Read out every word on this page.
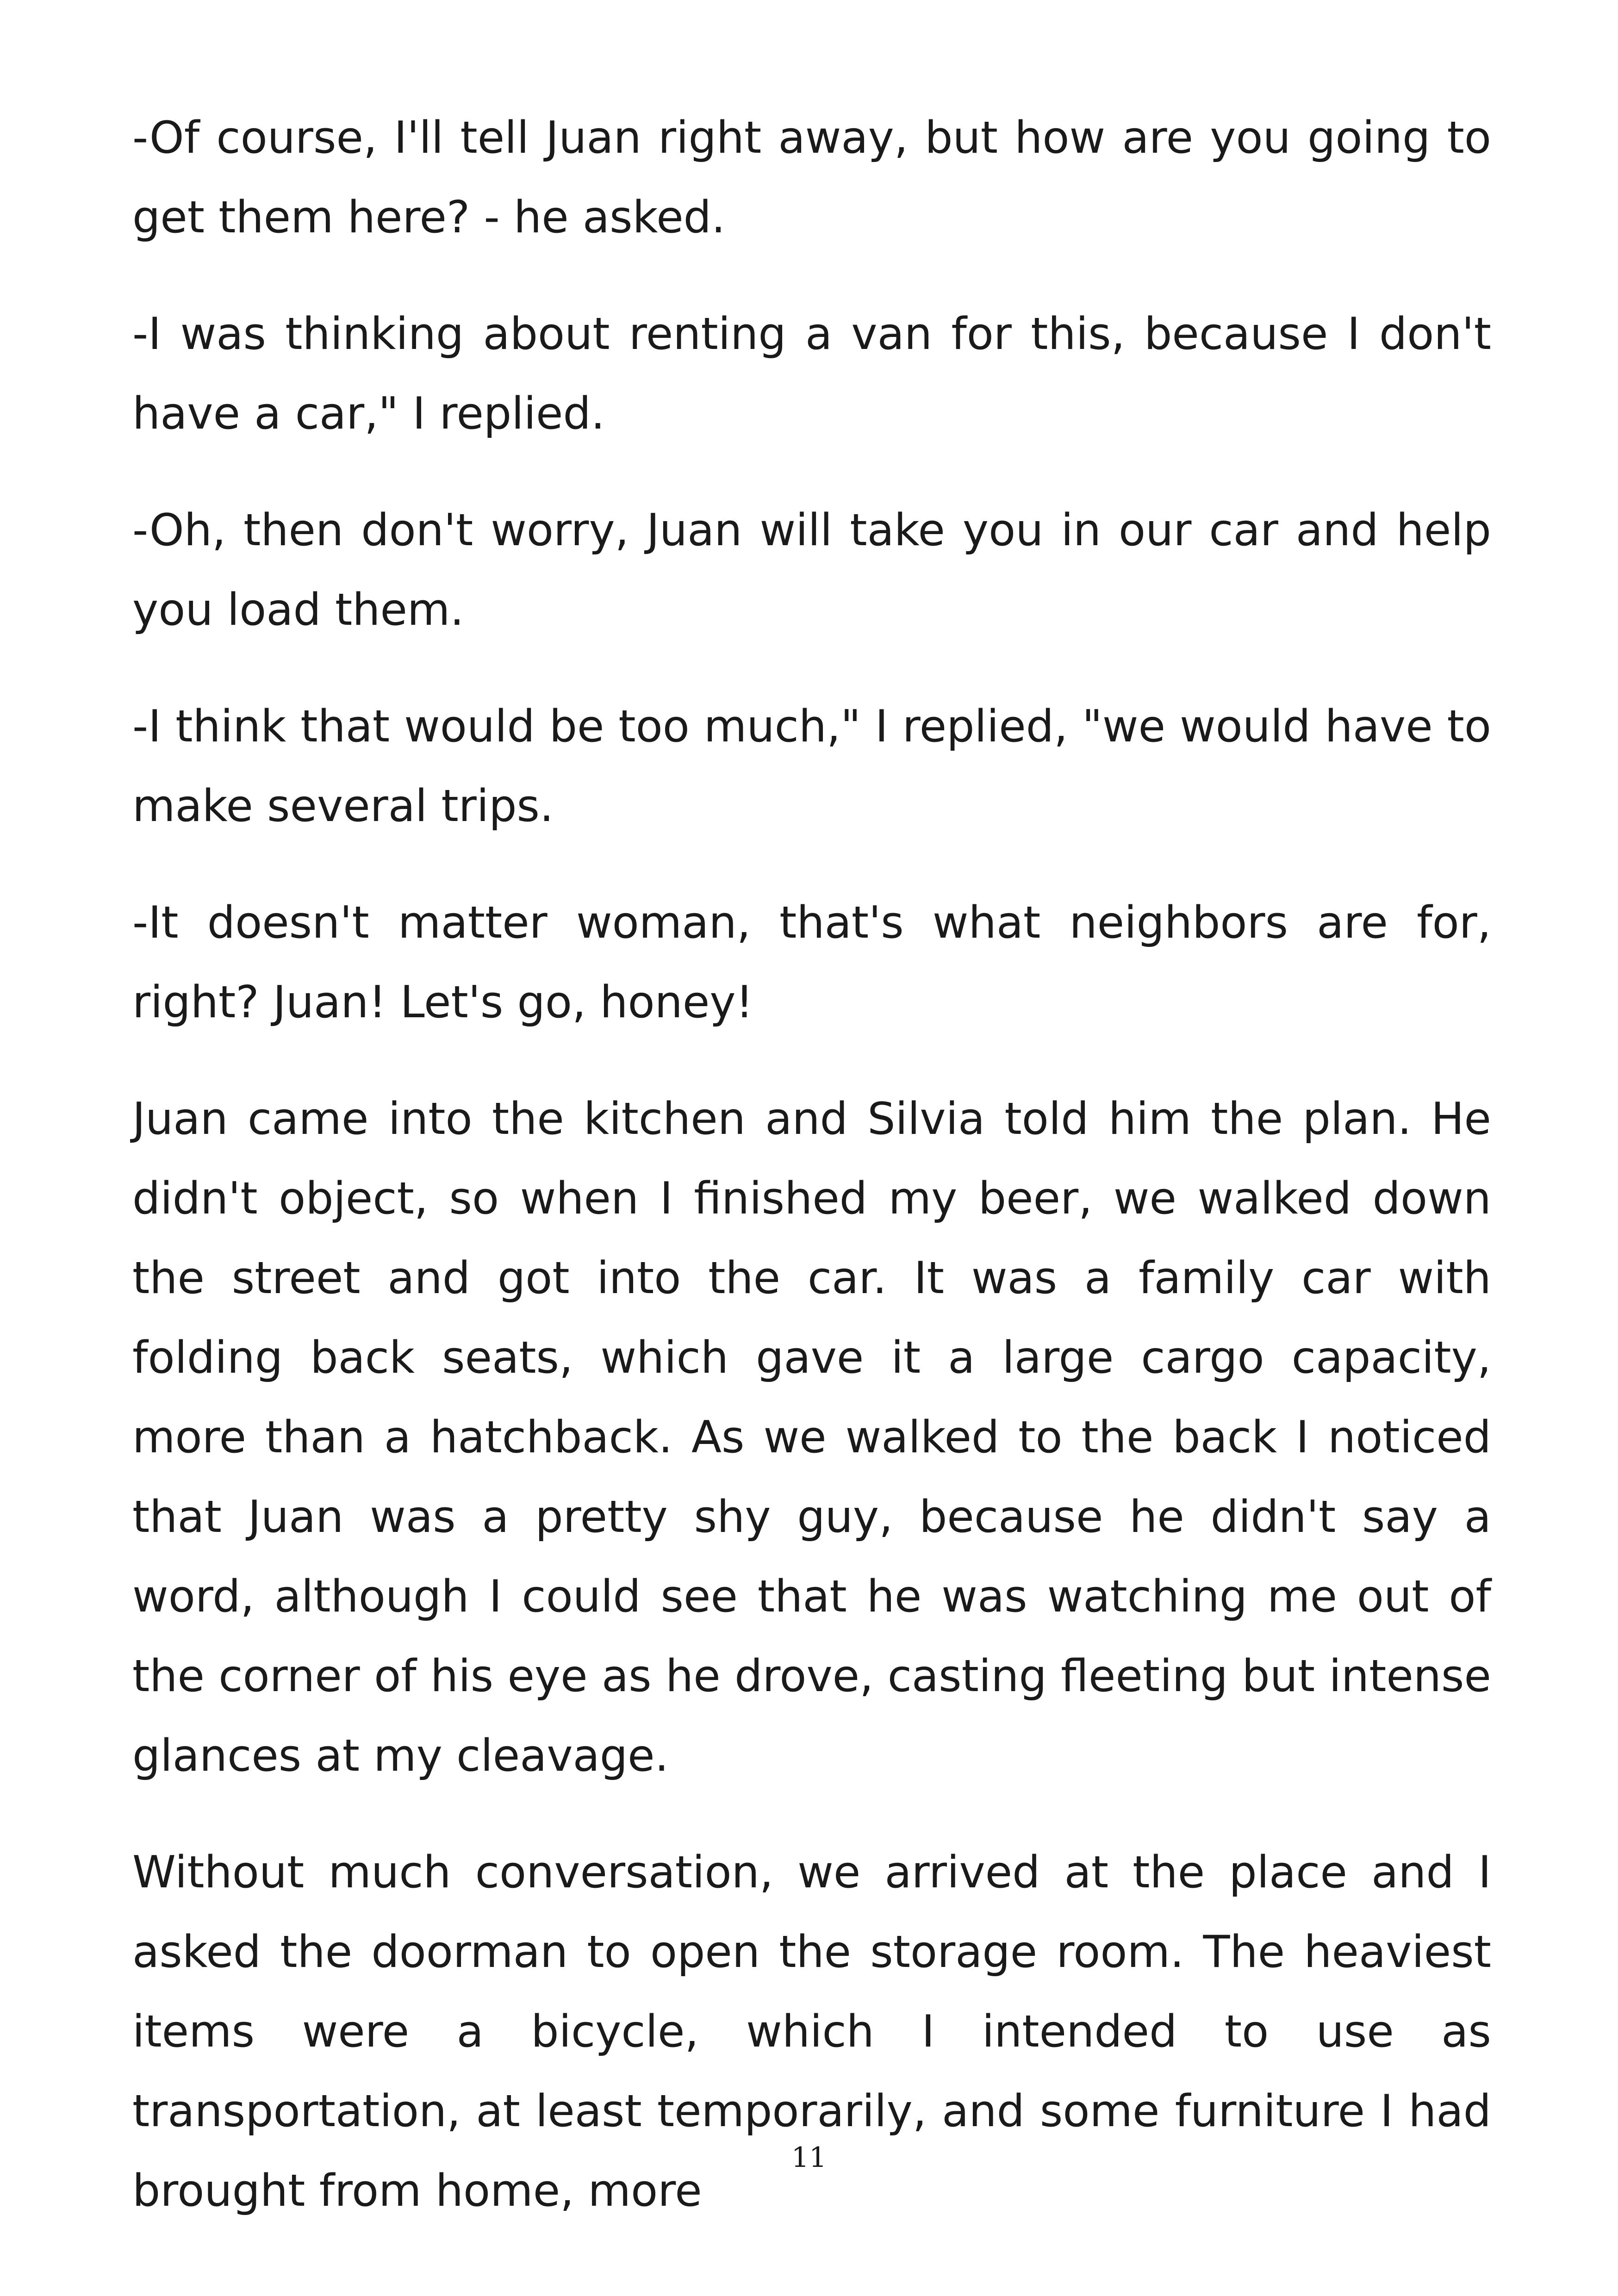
-Of course, I'll tell Juan right away, but how are you going to get them here? - he asked.

-I was thinking about renting a van for this, because I don't have a car," I replied.

-Oh, then don't worry, Juan will take you in our car and help you load them.

-I think that would be too much," I replied, "we would have to make several trips.

-It doesn't matter woman, that's what neighbors are for, right? Juan! Let's go, honey!

Juan came into the kitchen and Silvia told him the plan. He didn't object, so when I finished my beer, we walked down the street and got into the car. It was a family car with folding back seats, which gave it a large cargo capacity, more than a hatchback. As we walked to the back I noticed that Juan was a pretty shy guy, because he didn't say a word, although I could see that he was watching me out of the corner of his eye as he drove, casting fleeting but intense glances at my cleavage.

Without much conversation, we arrived at the place and I asked the doorman to open the storage room. The heaviest items were a bicycle, which I intended to use as transportation, at least temporarily, and some furniture I had brought from home, more

11
